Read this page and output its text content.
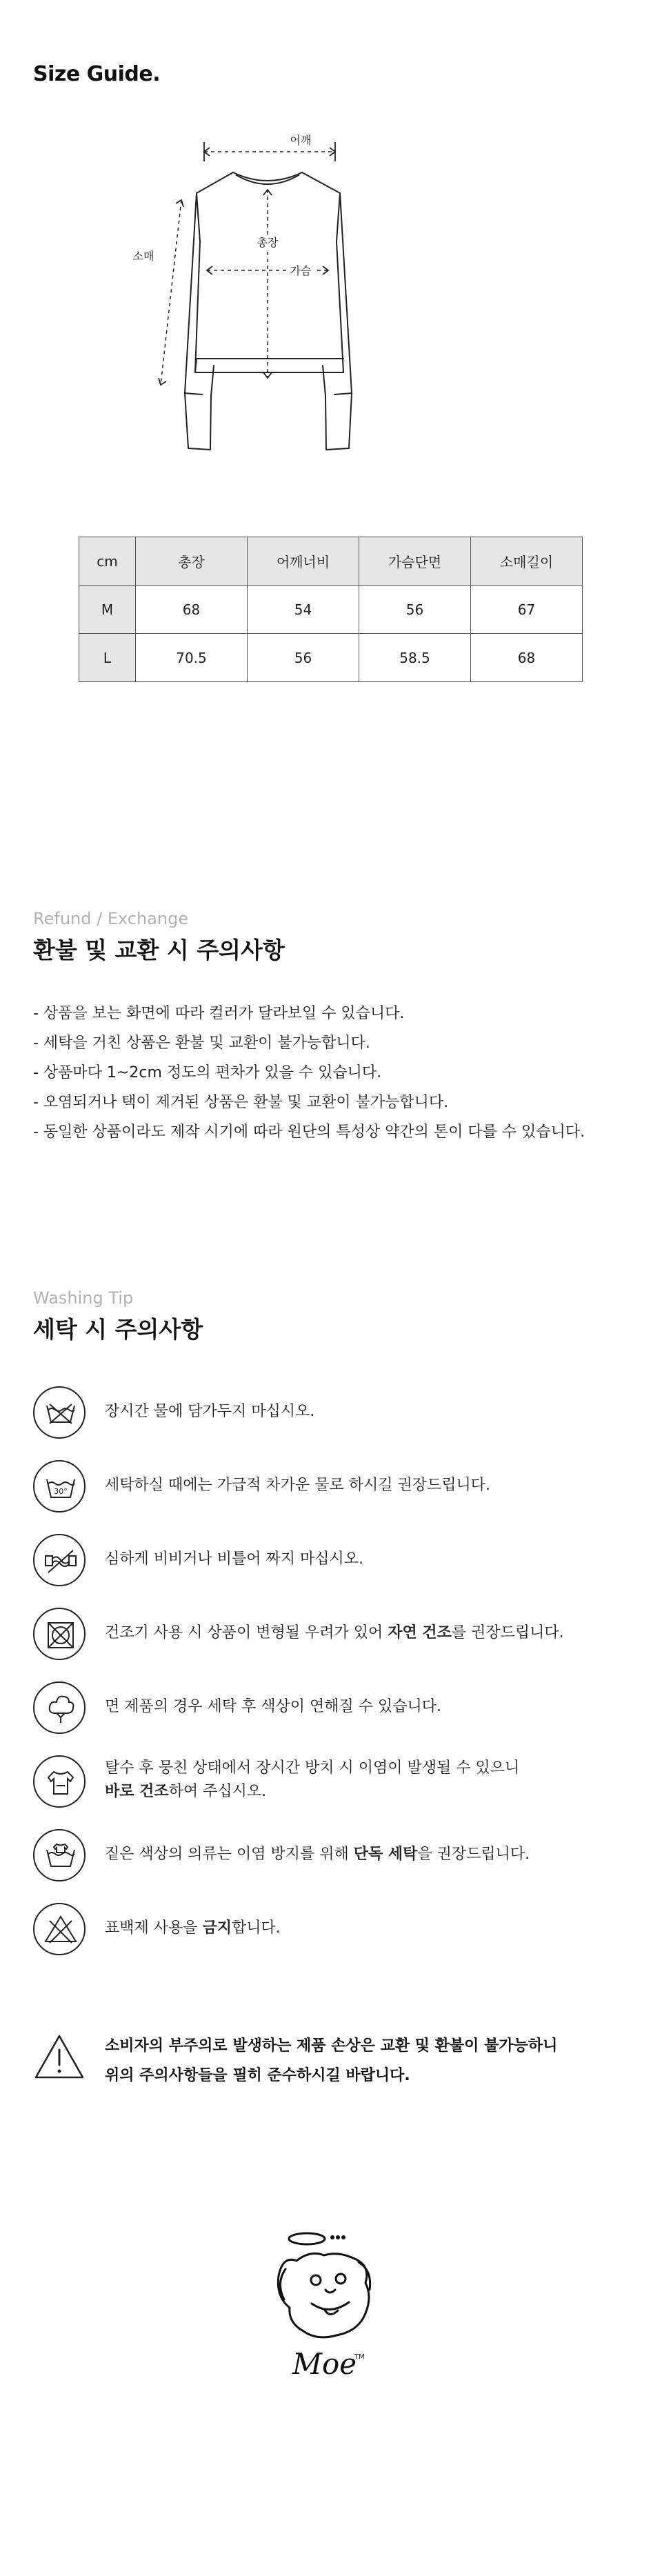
Size Guide.
어깨
총장
가슴
소매
cm	총장	어깨너비	가슴단면	소매길이
M	68	54	56	67
L	70.5	56	58.5	68
Refund / Exchange
환불 및 교환 시 주의사항
- 상품을 보는 화면에 따라 컬러가 달라보일 수 있습니다.
- 세탁을 거친 상품은 환불 및 교환이 불가능합니다.
- 상품마다 1~2cm 정도의 편차가 있을 수 있습니다.
- 오염되거나 택이 제거된 상품은 환불 및 교환이 불가능합니다.
- 동일한 상품이라도 제작 시기에 따라 원단의 특성상 약간의 톤이 다를 수 있습니다.
Washing Tip
세탁 시 주의사항
장시간 물에 담가두지 마십시오.
30° 세탁하실 때에는 가급적 차가운 물로 하시길 권장드립니다.
심하게 비비거나 비틀어 짜지 마십시오.
건조기 사용 시 상품이 변형될 우려가 있어 자연 건조를 권장드립니다.
면 제품의 경우 세탁 후 색상이 연해질 수 있습니다.
탈수 후 뭉친 상태에서 장시간 방치 시 이염이 발생될 수 있으니
바로 건조하여 주십시오.
짙은 색상의 의류는 이염 방지를 위해 단독 세탁을 권장드립니다.
표백제 사용을 금지합니다.
소비자의 부주의로 발생하는 제품 손상은 교환 및 환불이 불가능하니
위의 주의사항들을 필히 준수하시길 바랍니다.
Moe
TM
